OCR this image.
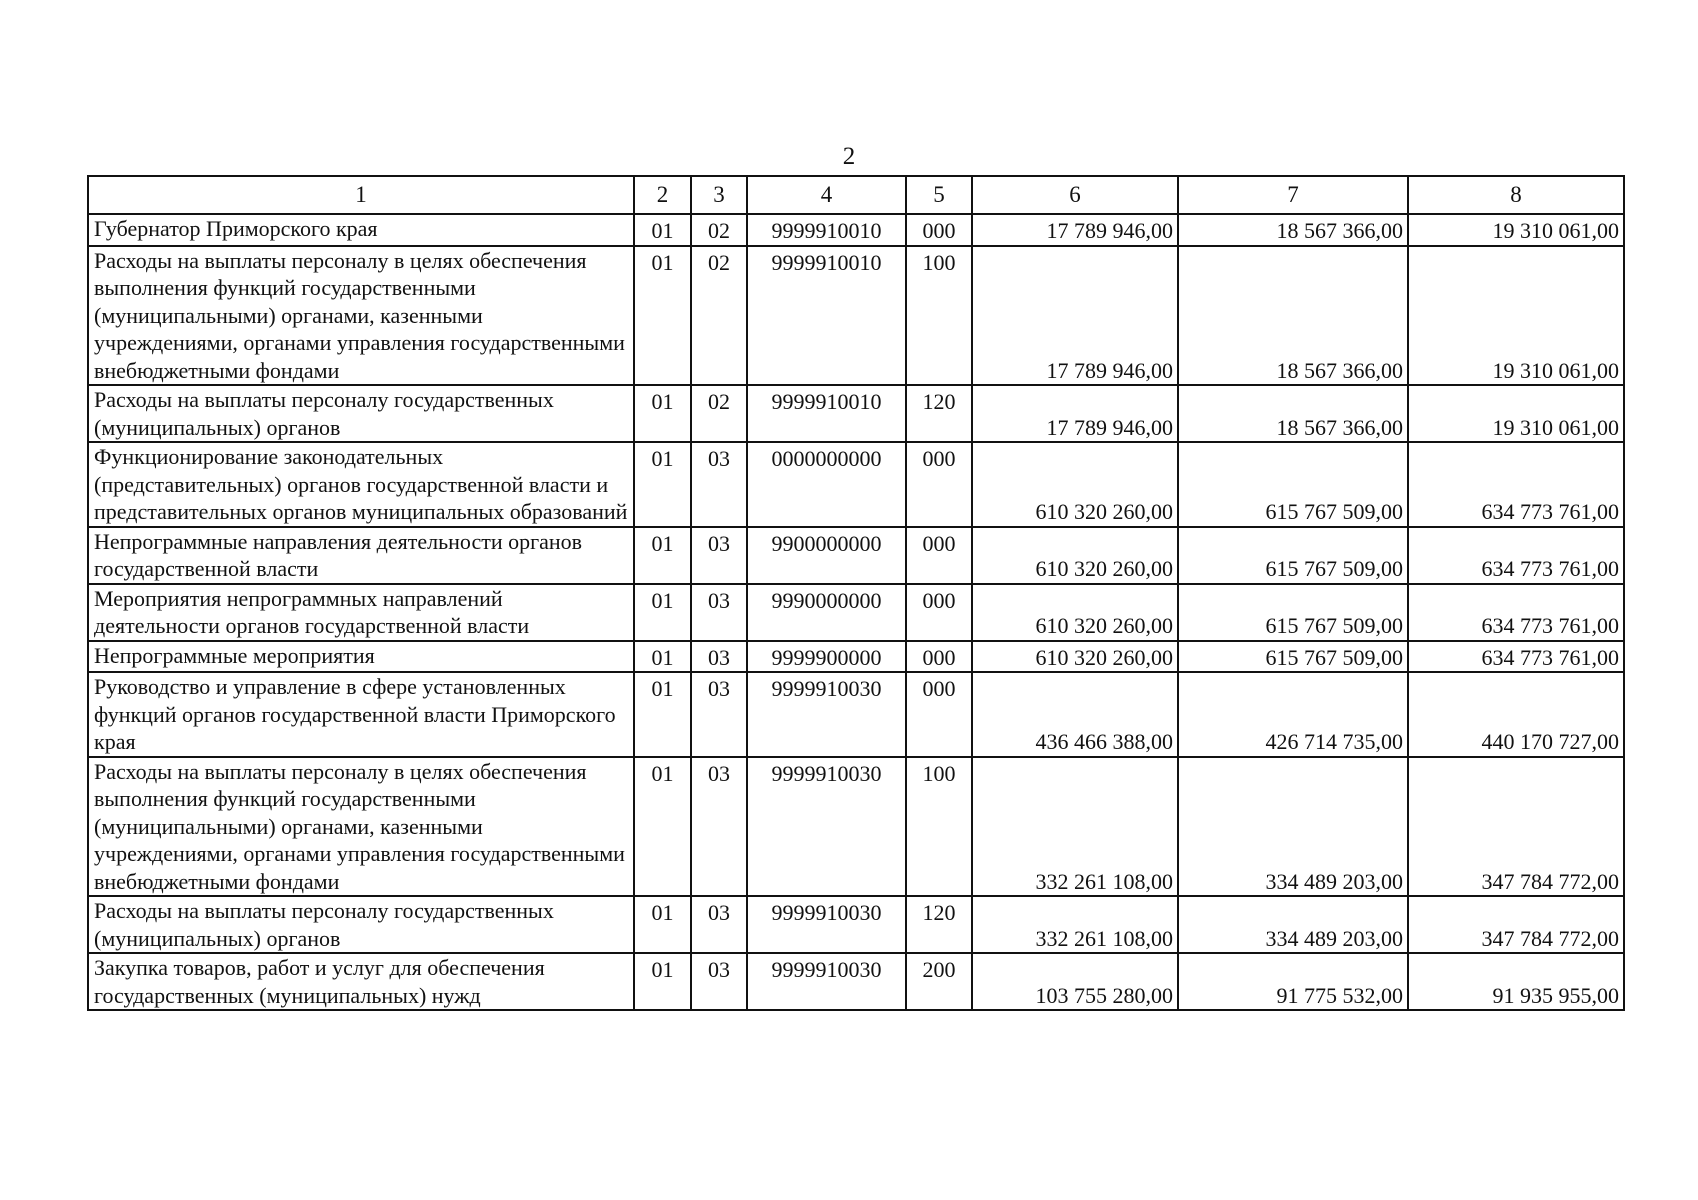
2
1	2	3	4	5	6	7	8
Губернатор Приморского края	01	02	9999910010	000	17 789 946,00	18 567 366,00	19 310 061,00
Расходы на выплаты персоналу в целях обеспечения выполнения функций государственными (муниципальными) органами, казенными учреждениями, органами управления государственными внебюджетными фондами	01	02	9999910010	100	17 789 946,00	18 567 366,00	19 310 061,00
Расходы на выплаты персоналу государственных (муниципальных) органов	01	02	9999910010	120	17 789 946,00	18 567 366,00	19 310 061,00
Функционирование законодательных (представительных) органов государственной власти и представительных органов муниципальных образований	01	03	0000000000	000	610 320 260,00	615 767 509,00	634 773 761,00
Непрограммные направления деятельности органов государственной власти	01	03	9900000000	000	610 320 260,00	615 767 509,00	634 773 761,00
Мероприятия непрограммных направлений деятельности органов государственной власти	01	03	9990000000	000	610 320 260,00	615 767 509,00	634 773 761,00
Непрограммные мероприятия	01	03	9999900000	000	610 320 260,00	615 767 509,00	634 773 761,00
Руководство и управление в сфере установленных функций органов государственной власти Приморского края	01	03	9999910030	000	436 466 388,00	426 714 735,00	440 170 727,00
Расходы на выплаты персоналу в целях обеспечения выполнения функций государственными (муниципальными) органами, казенными учреждениями, органами управления государственными внебюджетными фондами	01	03	9999910030	100	332 261 108,00	334 489 203,00	347 784 772,00
Расходы на выплаты персоналу государственных (муниципальных) органов	01	03	9999910030	120	332 261 108,00	334 489 203,00	347 784 772,00
Закупка товаров, работ и услуг для обеспечения государственных (муниципальных) нужд	01	03	9999910030	200	103 755 280,00	91 775 532,00	91 935 955,00
